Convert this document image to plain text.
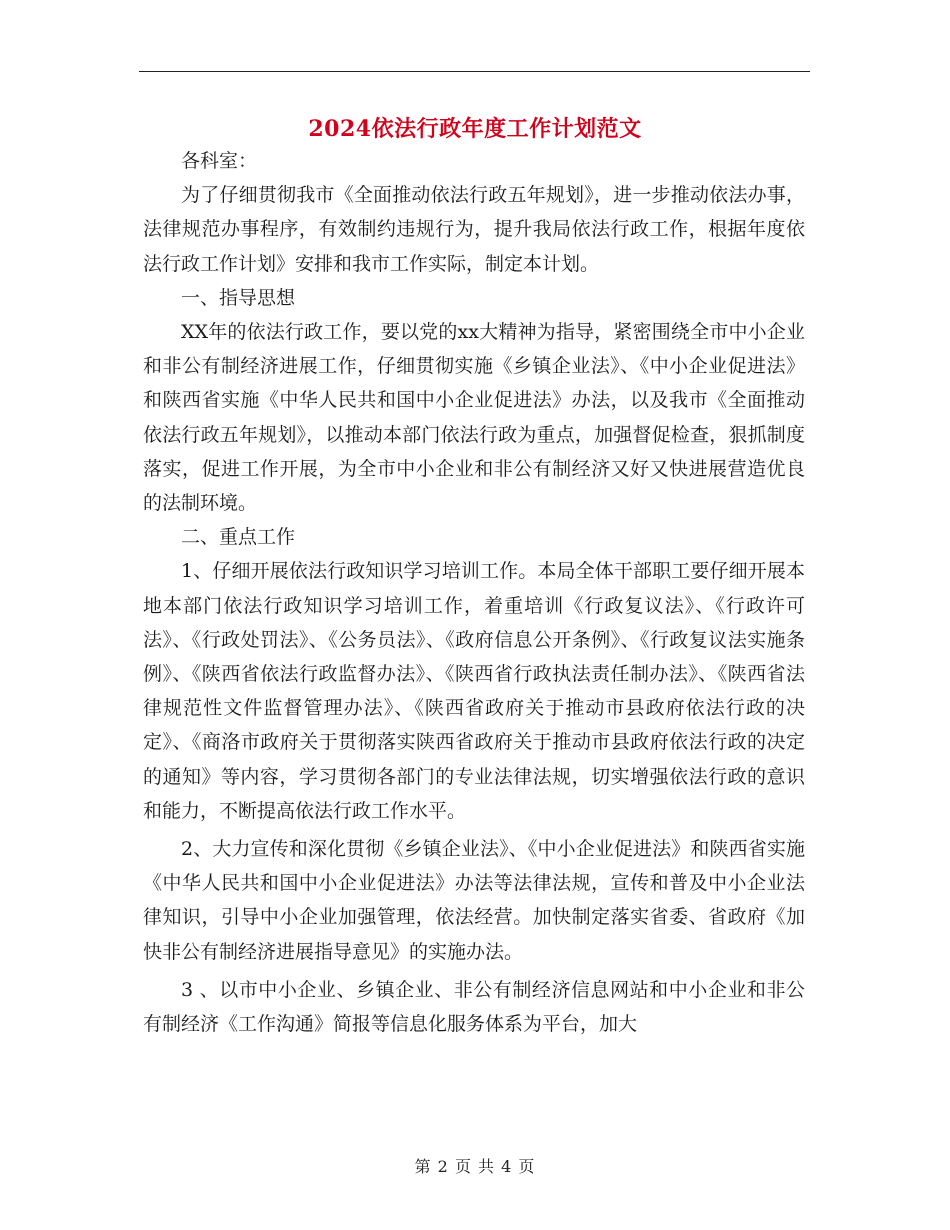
2024依法行政年度工作计划范文

各科室：

为了仔细贯彻我市《全面推动依法行政五年规划》，进一步推动依法办事，法律规范办事程序，有效制约违规行为，提升我局依法行政工作，根据年度依法行政工作计划》安排和我市工作实际，制定本计划。

一、指导思想

XX年的依法行政工作，要以党的xx大精神为指导，紧密围绕全市中小企业和非公有制经济进展工作，仔细贯彻实施《乡镇企业法》、《中小企业促进法》和陕西省实施《中华人民共和国中小企业促进法》办法，以及我市《全面推动依法行政五年规划》，以推动本部门依法行政为重点，加强督促检查，狠抓制度落实，促进工作开展，为全市中小企业和非公有制经济又好又快进展营造优良的法制环境。

二、重点工作

1、仔细开展依法行政知识学习培训工作。本局全体干部职工要仔细开展本地本部门依法行政知识学习培训工作，着重培训《行政复议法》、《行政许可法》、《行政处罚法》、《公务员法》、《政府信息公开条例》、《行政复议法实施条例》、《陕西省依法行政监督办法》、《陕西省行政执法责任制办法》、《陕西省法律规范性文件监督管理办法》、《陕西省政府关于推动市县政府依法行政的决定》、《商洛市政府关于贯彻落实陕西省政府关于推动市县政府依法行政的决定的通知》等内容，学习贯彻各部门的专业法律法规，切实增强依法行政的意识和能力，不断提高依法行政工作水平。

2、大力宣传和深化贯彻《乡镇企业法》、《中小企业促进法》和陕西省实施《中华人民共和国中小企业促进法》办法等法律法规，宣传和普及中小企业法律知识，引导中小企业加强管理，依法经营。加快制定落实省委、省政府《加快非公有制经济进展指导意见》的实施办法。

3 、以市中小企业、乡镇企业、非公有制经济信息网站和中小企业和非公有制经济《工作沟通》简报等信息化服务体系为平台，加大

第 2 页 共 4 页
